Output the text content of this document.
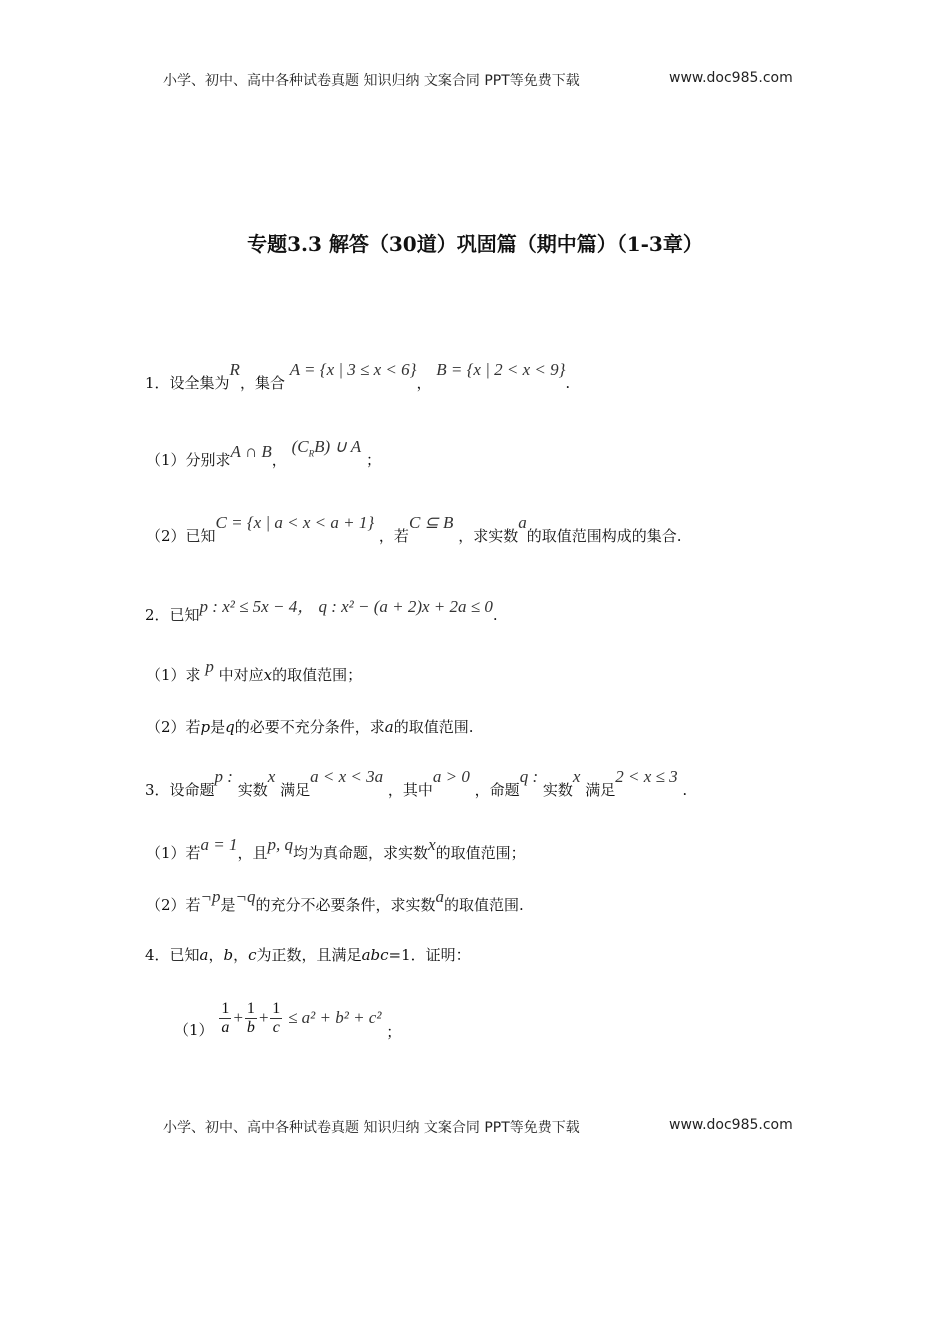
小学、初中、高中各种试卷真题 知识归纳 文案合同 PPT等免费下载	www.doc985.com
专题3.3 解答（30道）巩固篇（期中篇）（1-3章）
1．设全集为R，集合 A = {x | 3 ≤ x < 6}， B = {x | 2 < x < 9}.
（1）分别求A ∩ B， $(C_RB)$ ∪ A ；
（2）已知C = {x | a < x < a + 1} ，若C ⊆ B ，求实数a的取值范围构成的集合.
2．已知p : x² ≤ 5x − 4， q : x² − (a + 2)x + 2a ≤ 0.
（1）求 p 中对应x的取值范围；
（2）若p是q的必要不充分条件，求a的取值范围.
3．设命题p : 实数x 满足a < x < 3a ，其中a > 0 ，命题q : 实数x 满足2 < x ≤ 3 .
（1）若a = 1，且p, q均为真命题，求实数x的取值范围；
（2）若¬p是¬q的充分不必要条件，求实数a的取值范围.
4．已知a，b，c为正数，且满足abc=1．证明：
$(1) \frac{1}{a} + \frac{1}{b} + \frac{1}{c} \le a^2 + b^2 + c^2$ ；
小学、初中、高中各种试卷真题 知识归纳 文案合同 PPT等免费下载	www.doc985.com
